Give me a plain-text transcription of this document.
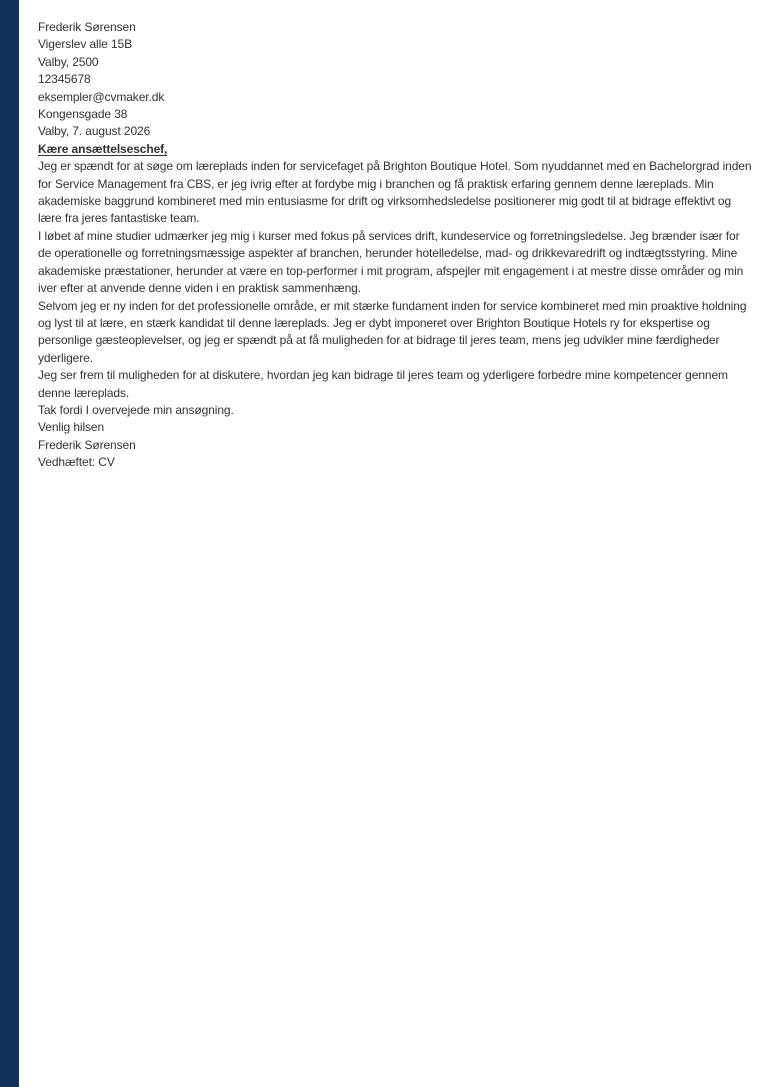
Frederik Sørensen

Vigerslev alle 15B

Valby, 2500

12345678

eksempler@cvmaker.dk

Kongensgade 38

Valby, 7. august 2026

Kære ansættelseschef,

Jeg er spændt for at søge om læreplads inden for servicefaget på Brighton Boutique Hotel. Som nyuddannet med en Bachelorgrad inden for Service Management fra CBS, er jeg ivrig efter at fordybe mig i branchen og få praktisk erfaring gennem denne læreplads. Min akademiske baggrund kombineret med min entusiasme for drift og virksomhedsledelse positionerer mig godt til at bidrage effektivt og lære fra jeres fantastiske team.

I løbet af mine studier udmærker jeg mig i kurser med fokus på services drift, kundeservice og forretningsledelse. Jeg brænder især for de operationelle og forretningsmæssige aspekter af branchen, herunder hotelledelse, mad- og drikkevaredrift og indtægtsstyring. Mine akademiske præstationer, herunder at være en top-performer i mit program, afspejler mit engagement i at mestre disse områder og min iver efter at anvende denne viden i en praktisk sammenhæng.

Selvom jeg er ny inden for det professionelle område, er mit stærke fundament inden for service kombineret med min proaktive holdning og lyst til at lære, en stærk kandidat til denne læreplads. Jeg er dybt imponeret over Brighton Boutique Hotels ry for ekspertise og personlige gæsteoplevelser, og jeg er spændt på at få muligheden for at bidrage til jeres team, mens jeg udvikler mine færdigheder yderligere.

Jeg ser frem til muligheden for at diskutere, hvordan jeg kan bidrage til jeres team og yderligere forbedre mine kompetencer gennem denne læreplads.

Tak fordi I overvejede min ansøgning.

Venlig hilsen

Frederik Sørensen

Vedhæftet: CV
